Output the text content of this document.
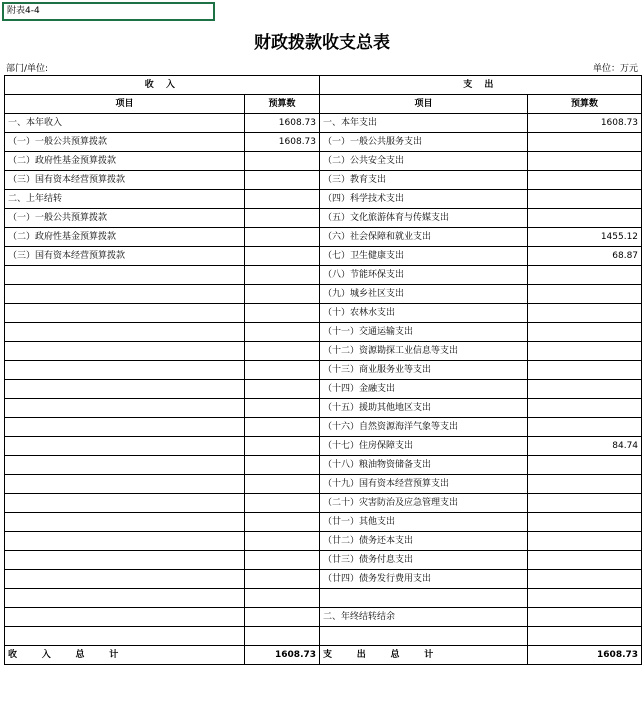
附表4-4
财政拨款收支总表
部门/单位:	单位：万元
收 入		支 出	
项目	预算数	项目	预算数
一、本年收入	1608.73	一、本年支出	1608.73
（一）一般公共预算拨款	1608.73	（一）一般公共服务支出	
（二）政府性基金预算拨款		（二）公共安全支出	
（三）国有资本经营预算拨款		（三）教育支出	
二、上年结转		（四）科学技术支出	
（一）一般公共预算拨款		（五）文化旅游体育与传媒支出	
（二）政府性基金预算拨款		（六）社会保障和就业支出	1455.12
（三）国有资本经营预算拨款		（七）卫生健康支出	68.87
		（八）节能环保支出	
		（九）城乡社区支出	
		（十）农林水支出	
		（十一）交通运输支出	
		（十二）资源勘探工业信息等支出	
		（十三）商业服务业等支出	
		（十四）金融支出	
		（十五）援助其他地区支出	
		（十六）自然资源海洋气象等支出	
		（十七）住房保障支出	84.74
		（十八）粮油物资储备支出	
		（十九）国有资本经营预算支出	
		（二十）灾害防治及应急管理支出	
		（廿一）其他支出	
		（廿二）债务还本支出	
		（廿三）债务付息支出	
		（廿四）债务发行费用支出	

		二、年终结转结余	

收 入 总 计	1608.73	支 出 总 计	1608.73
